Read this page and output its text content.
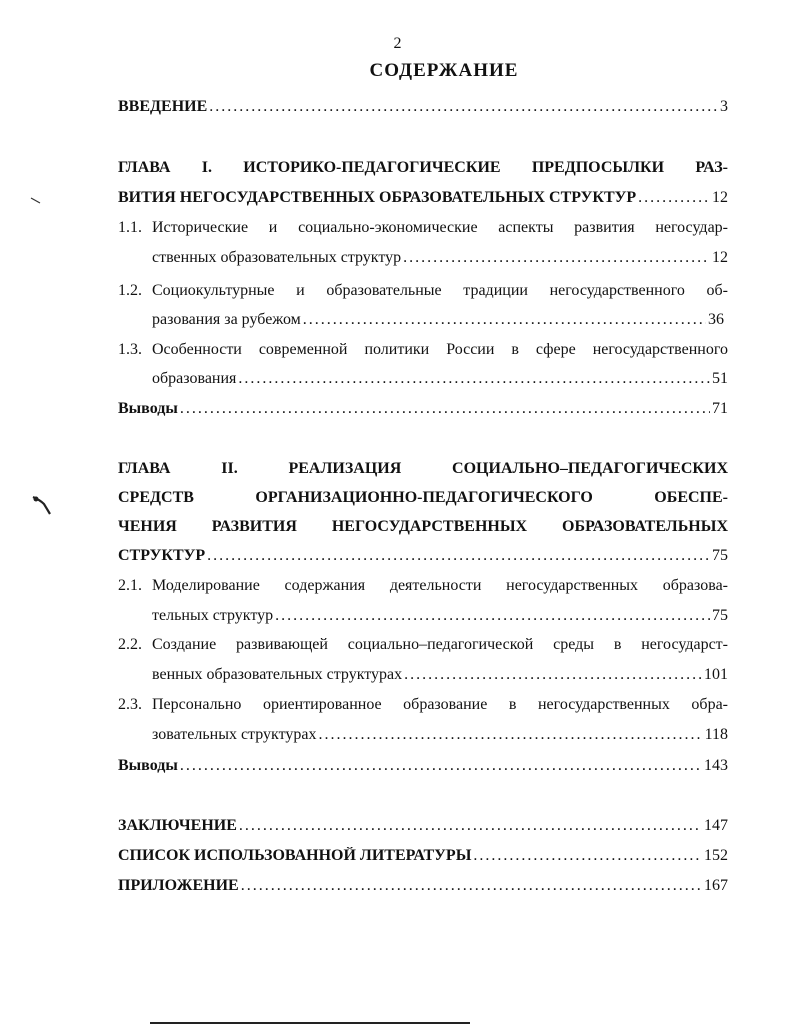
2
СОДЕРЖАНИЕ
ВВЕДЕНИЕ . . .	3
ГЛАВА I. ИСТОРИКО-ПЕДАГОГИЧЕСКИЕ ПРЕДПОСЫЛКИ РАЗ-
ВИТИЯ НЕГОСУДАРСТВЕННЫХ ОБРАЗОВАТЕЛЬНЫХ СТРУКТУР . . .	12
1.1. Исторические и социально-экономические аспекты развития негосудар-
ственных образовательных структур . . .	12
1.2. Социокультурные и образовательные традиции негосударственного об-
разования за рубежом . . .	36
1.3. Особенности современной политики России в сфере негосударственного
образования . . .	51
Выводы . . .	71
ГЛАВА II. РЕАЛИЗАЦИЯ СОЦИАЛЬНО–ПЕДАГОГИЧЕСКИХ
СРЕДСТВ ОРГАНИЗАЦИОННО-ПЕДАГОГИЧЕСКОГО ОБЕСПЕ-
ЧЕНИЯ РАЗВИТИЯ НЕГОСУДАРСТВЕННЫХ ОБРАЗОВАТЕЛЬНЫХ
СТРУКТУР . . .	75
2.1. Моделирование содержания деятельности негосударственных образова-
тельных структур . . .	75
2.2. Создание развивающей социально–педагогической среды в негосударст-
венных образовательных структурах . . .	101
2.3. Персонально ориентированное образование в негосударственных обра-
зовательных структурах . . .	118
Выводы . . .	143
ЗАКЛЮЧЕНИЕ . . .	147
СПИСОК ИСПОЛЬЗОВАННОЙ ЛИТЕРАТУРЫ . . .	152
ПРИЛОЖЕНИЕ . . .	167
